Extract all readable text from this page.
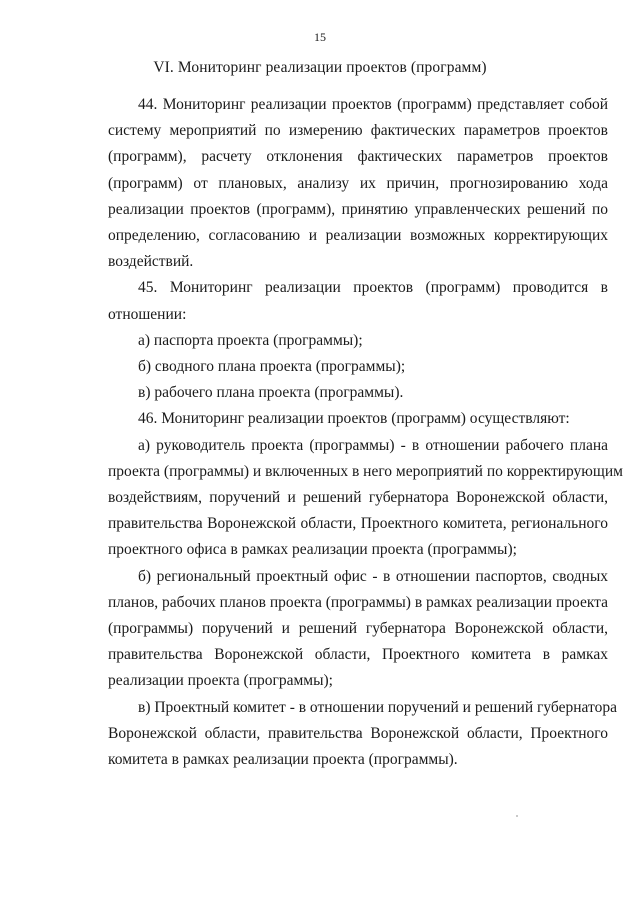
15
VI. Мониторинг реализации проектов (программ)
44. Мониторинг реализации проектов (программ) представляет собой
систему мероприятий по измерению фактических параметров проектов
(программ), расчету отклонения фактических параметров проектов
(программ) от плановых, анализу их причин, прогнозированию хода
реализации проектов (программ), принятию управленческих решений по
определению, согласованию и реализации возможных корректирующих
воздействий.
45. Мониторинг реализации проектов (программ) проводится в
отношении:
а) паспорта проекта (программы);
б) сводного плана проекта (программы);
в) рабочего плана проекта (программы).
46. Мониторинг реализации проектов (программ) осуществляют:
а) руководитель проекта (программы) - в отношении рабочего плана
проекта (программы) и включенных в него мероприятий по корректирующим
воздействиям, поручений и решений губернатора Воронежской области,
правительства Воронежской области, Проектного комитета, регионального
проектного офиса в рамках реализации проекта (программы);
б) региональный проектный офис - в отношении паспортов, сводных
планов, рабочих планов проекта (программы) в рамках реализации проекта
(программы) поручений и решений губернатора Воронежской области,
правительства Воронежской области, Проектного комитета в рамках
реализации проекта (программы);
в) Проектный комитет - в отношении поручений и решений губернатора
Воронежской области, правительства Воронежской области, Проектного
комитета в рамках реализации проекта (программы).
